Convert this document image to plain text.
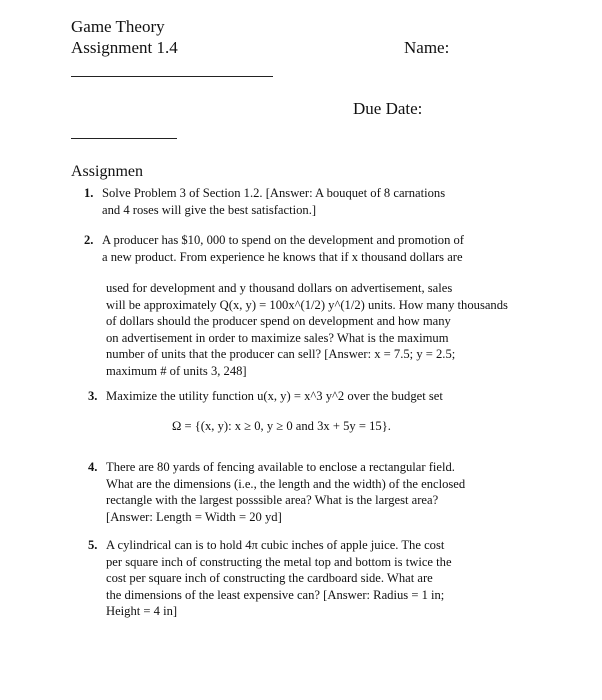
Game Theory
Assignment 1.4	Name:
Due Date:
Assignmen
1. Solve Problem 3 of Section 1.2. [Answer: A bouquet of 8 carnations

and 4 roses will give the best satisfaction.]

2. A producer has $10, 000 to spend on the development and promotion of

a new product. From experience he knows that if x thousand dollars are

used for development and y thousand dollars on advertisement, sales

will be approximately Q(x, y) = 100x^(1/2) y^(1/2) units. How many thousands

of dollars should the producer spend on development and how many

on advertisement in order to maximize sales? What is the maximum

number of units that the producer can sell? [Answer: x = 7.5; y = 2.5;

maximum # of units 3, 248]

3. Maximize the utility function u(x, y) = x^3 y^2 over the budget set

Ω = {(x, y): x ≥ 0, y ≥ 0 and 3x + 5y = 15}.
4. There are 80 yards of fencing available to enclose a rectangular field.

What are the dimensions (i.e., the length and the width) of the enclosed

rectangle with the largest posssible area? What is the largest area?

[Answer: Length = Width = 20 yd]

5. A cylindrical can is to hold 4π cubic inches of apple juice. The cost

per square inch of constructing the metal top and bottom is twice the

cost per square inch of constructing the cardboard side. What are

the dimensions of the least expensive can? [Answer: Radius = 1 in;

Height = 4 in]
